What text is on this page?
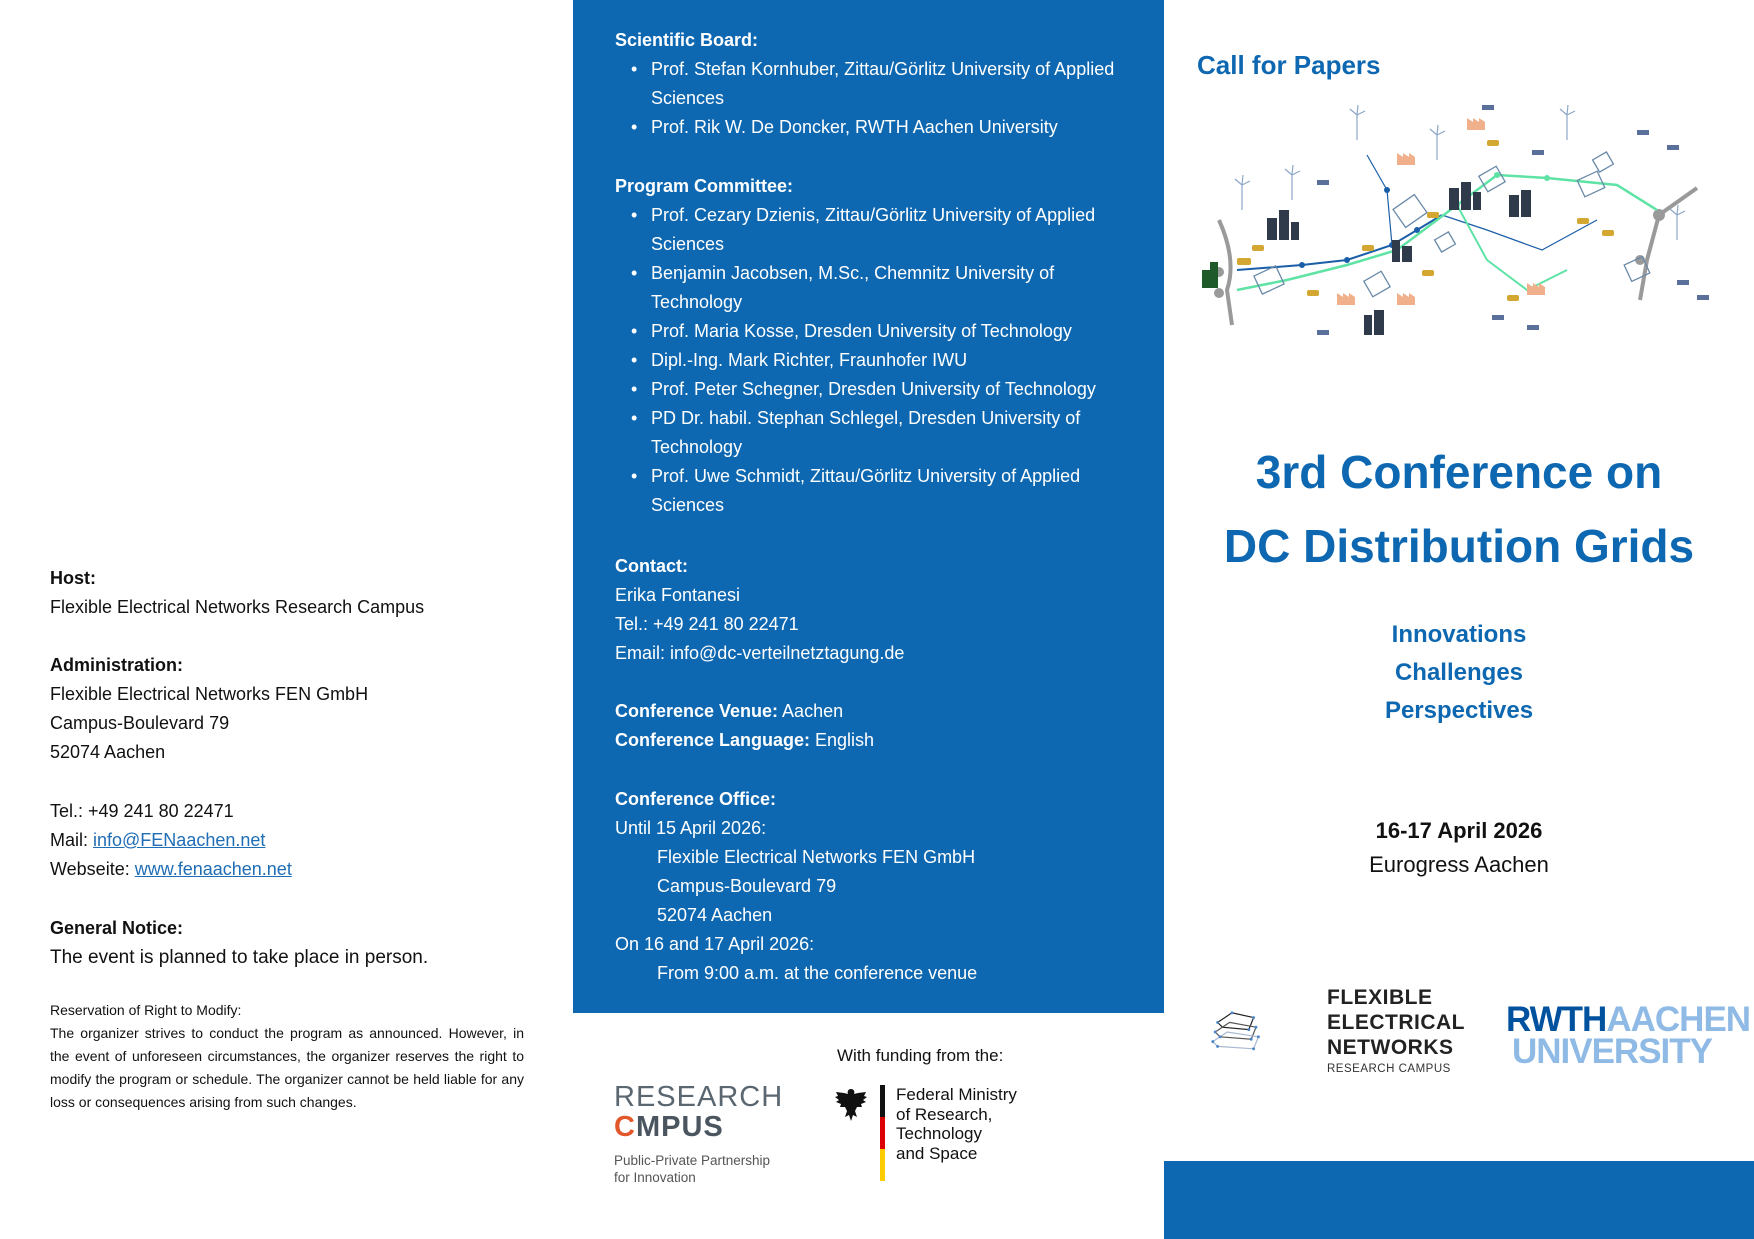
Host:
Flexible Electrical Networks Research Campus
Administration:
Flexible Electrical Networks FEN GmbH
Campus-Boulevard 79
52074 Aachen
Tel.: +49 241 80 22471
Mail: info@FENaachen.net
Webseite: www.fenaachen.net
General Notice:
The event is planned to take place in person.
Reservation of Right to Modify:
The organizer strives to conduct the program as announced. However, in the event of unforeseen circumstances, the organizer reserves the right to modify the program or schedule. The organizer cannot be held liable for any loss or consequences arising from such changes.
Scientific Board:
• Prof. Stefan Kornhuber, Zittau/Görlitz University of Applied Sciences
• Prof. Rik W. De Doncker, RWTH Aachen University
Program Committee:
• Prof. Cezary Dzienis, Zittau/Görlitz University of Applied Sciences
• Benjamin Jacobsen, M.Sc., Chemnitz University of Technology
• Prof. Maria Kosse, Dresden University of Technology
• Dipl.-Ing. Mark Richter, Fraunhofer IWU
• Prof. Peter Schegner, Dresden University of Technology
• PD Dr. habil. Stephan Schlegel, Dresden University of Technology
• Prof. Uwe Schmidt, Zittau/Görlitz University of Applied Sciences
Contact:
Erika Fontanesi
Tel.: +49 241 80 22471
Email: info@dc-verteilnetztagung.de
Conference Venue: Aachen
Conference Language: English
Conference Office:
Until 15 April 2026:
Flexible Electrical Networks FEN GmbH
Campus-Boulevard 79
52074 Aachen
On 16 and 17 April 2026:
From 9:00 a.m. at the conference venue
With funding from the:
RESEARCH
CMPUS
Public-Private Partnership
for Innovation
Federal Ministry
of Research, Technology
and Space
Call for Papers
3rd Conference on
DC Distribution Grids
Innovations
Challenges
Perspectives
16-17 April 2026
Eurogress Aachen
FLEXIBLE
ELECTRICAL
NETWORKS
RESEARCH CAMPUS
RWTHAACHEN
UNIVERSITY
